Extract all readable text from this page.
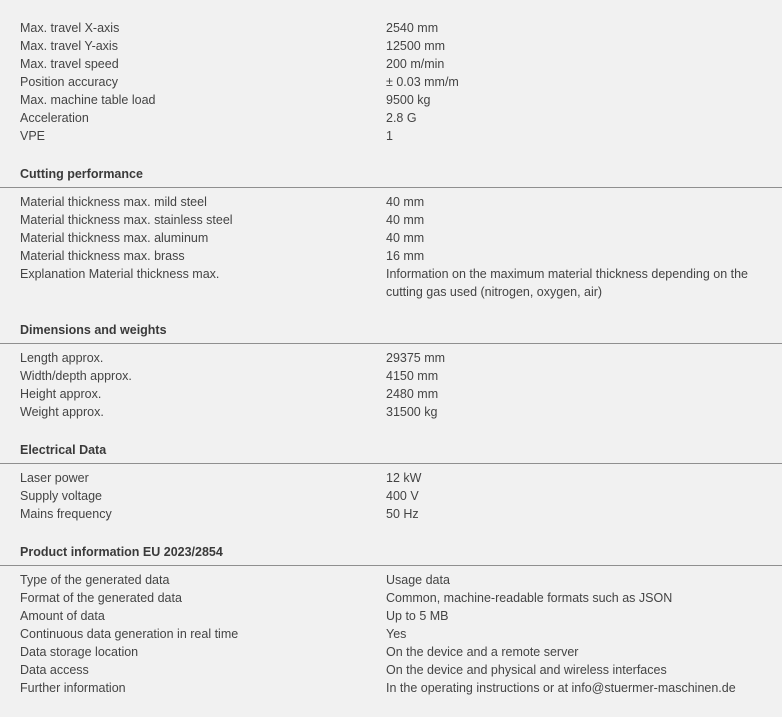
Max. travel X-axis	2540 mm
Max. travel Y-axis	12500 mm
Max. travel speed	200 m/min
Position accuracy	± 0.03 mm/m
Max. machine table load	9500 kg
Acceleration	2.8 G
VPE	1
Cutting performance
Material thickness max. mild steel	40 mm
Material thickness max. stainless steel	40 mm
Material thickness max. aluminum	40 mm
Material thickness max. brass	16 mm
Explanation Material thickness max.	Information on the maximum material thickness depending on the cutting gas used (nitrogen, oxygen, air)
Dimensions and weights
Length approx.	29375 mm
Width/depth approx.	4150 mm
Height approx.	2480 mm
Weight approx.	31500 kg
Electrical Data
Laser power	12 kW
Supply voltage	400 V
Mains frequency	50 Hz
Product information EU 2023/2854
Type of the generated data	Usage data
Format of the generated data	Common, machine-readable formats such as JSON
Amount of data	Up to 5 MB
Continuous data generation in real time	Yes
Data storage location	On the device and a remote server
Data access	On the device and physical and wireless interfaces
Further information	In the operating instructions or at info@stuermer-maschinen.de
